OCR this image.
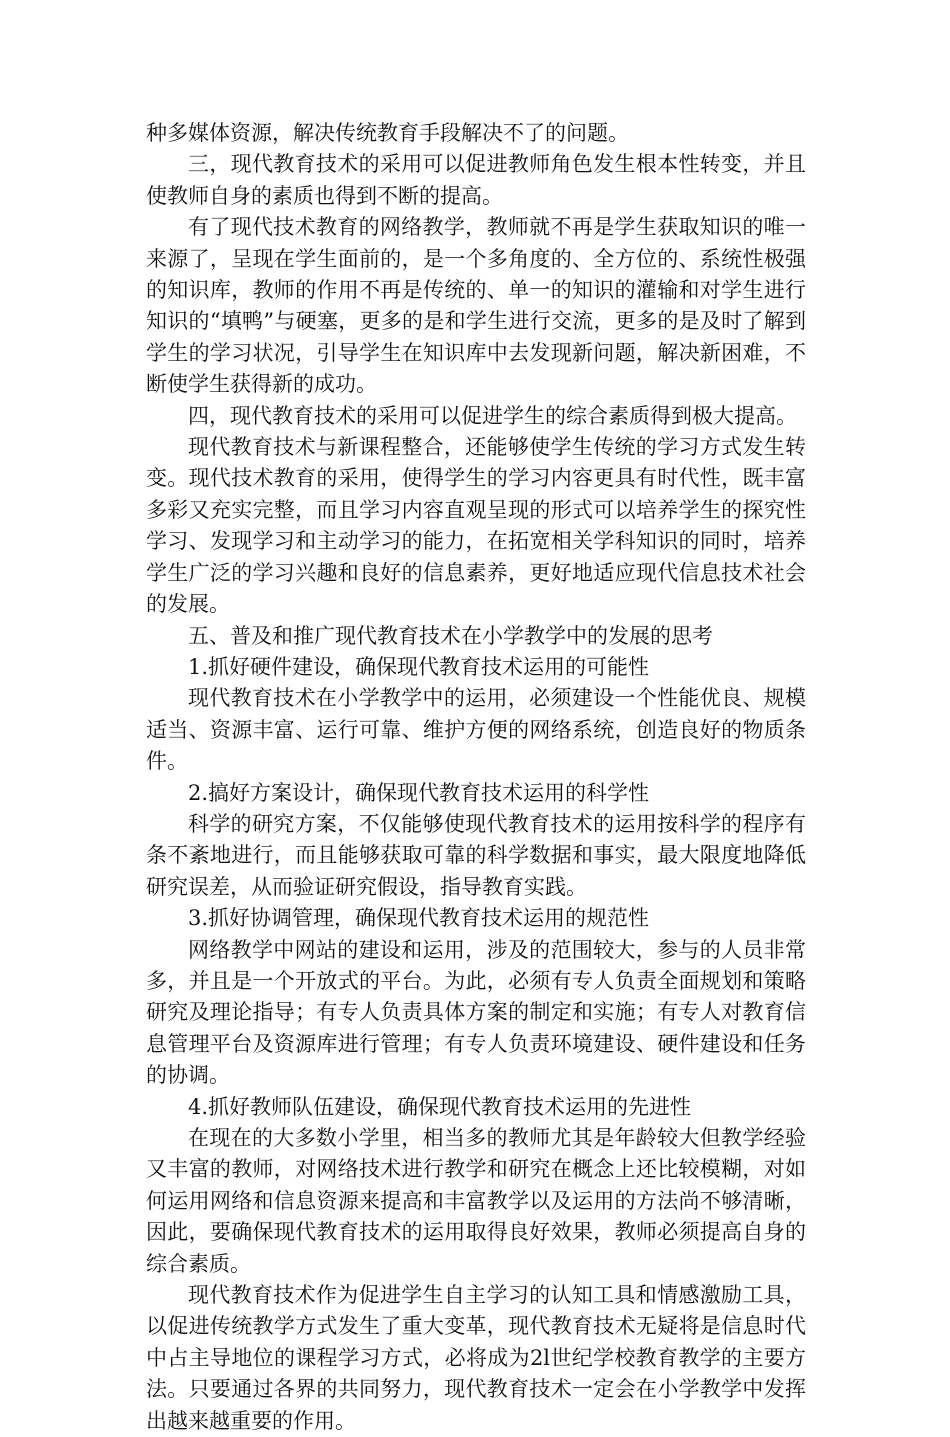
种多媒体资源，解决传统教育手段解决不了的问题。

三，现代教育技术的采用可以促进教师角色发生根本性转变，并且使教师自身的素质也得到不断的提高。

有了现代技术教育的网络教学，教师就不再是学生获取知识的唯一来源了，呈现在学生面前的，是一个多角度的、全方位的、系统性极强的知识库，教师的作用不再是传统的、单一的知识的灌输和对学生进行知识的“填鸭”与硬塞，更多的是和学生进行交流，更多的是及时了解到学生的学习状况，引导学生在知识库中去发现新问题，解决新困难，不断使学生获得新的成功。

四，现代教育技术的采用可以促进学生的综合素质得到极大提高。

现代教育技术与新课程整合，还能够使学生传统的学习方式发生转变。现代技术教育的采用，使得学生的学习内容更具有时代性，既丰富多彩又充实完整，而且学习内容直观呈现的形式可以培养学生的探究性学习、发现学习和主动学习的能力，在拓宽相关学科知识的同时，培养学生广泛的学习兴趣和良好的信息素养，更好地适应现代信息技术社会的发展。

五、普及和推广现代教育技术在小学教学中的发展的思考

1.抓好硬件建设，确保现代教育技术运用的可能性

现代教育技术在小学教学中的运用，必须建设一个性能优良、规模适当、资源丰富、运行可靠、维护方便的网络系统，创造良好的物质条件。

2.搞好方案设计，确保现代教育技术运用的科学性

科学的研究方案，不仅能够使现代教育技术的运用按科学的程序有条不紊地进行，而且能够获取可靠的科学数据和事实，最大限度地降低研究误差，从而验证研究假设，指导教育实践。

3.抓好协调管理，确保现代教育技术运用的规范性

网络教学中网站的建设和运用，涉及的范围较大，参与的人员非常多，并且是一个开放式的平台。为此，必须有专人负责全面规划和策略研究及理论指导；有专人负责具体方案的制定和实施；有专人对教育信息管理平台及资源库进行管理；有专人负责环境建设、硬件建设和任务的协调。

4.抓好教师队伍建设，确保现代教育技术运用的先进性

在现在的大多数小学里，相当多的教师尤其是年龄较大但教学经验又丰富的教师，对网络技术进行教学和研究在概念上还比较模糊，对如何运用网络和信息资源来提高和丰富教学以及运用的方法尚不够清晰，因此，要确保现代教育技术的运用取得良好效果，教师必须提高自身的综合素质。

现代教育技术作为促进学生自主学习的认知工具和情感激励工具，以促进传统教学方式发生了重大变革，现代教育技术无疑将是信息时代中占主导地位的课程学习方式，必将成为2l世纪学校教育教学的主要方法。只要通过各界的共同努力，现代教育技术一定会在小学教学中发挥出越来越重要的作用。
